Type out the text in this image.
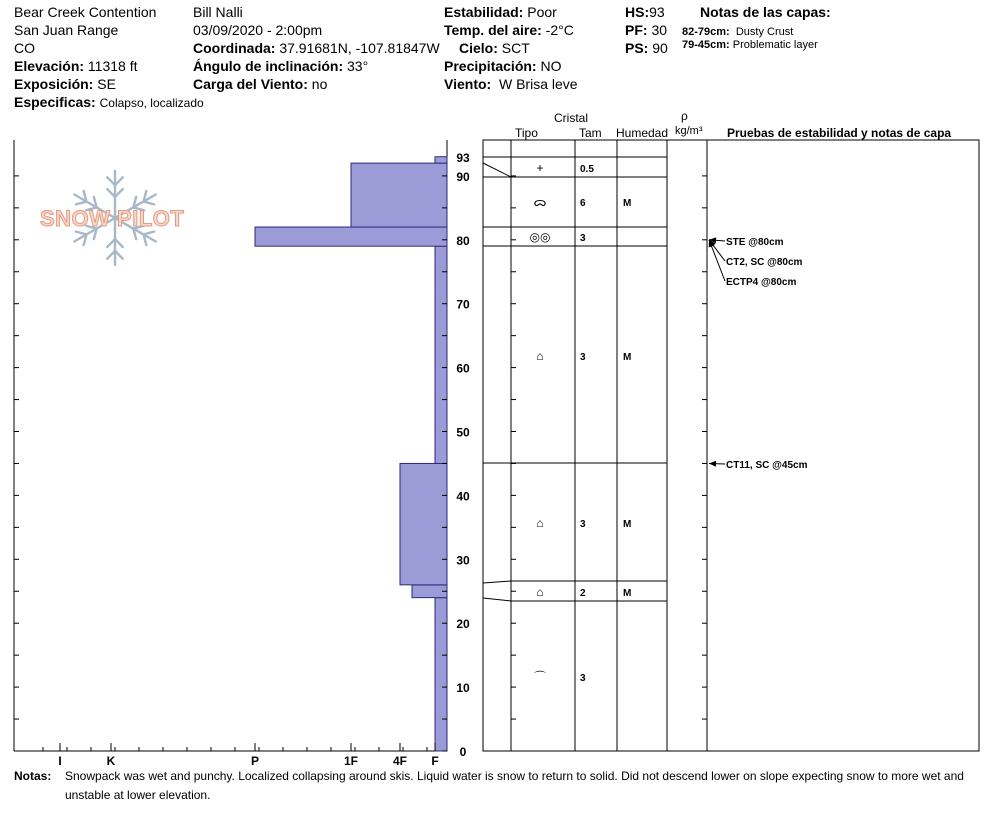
Bear Creek Contention
San Juan Range
CO
Elevación: 11318 ft
Exposición: SE
Especificas: Colapso, localizado
Bill Nalli
03/09/2020 - 2:00pm
Coordinada: 37.91681N, -107.81847W
Ángulo de inclinación: 33°
Carga del Viento: no
Estabilidad: Poor
Temp. del aire: -2°C
Cielo: SCT
Precipitación: NO
Viento: W Brisa leve
HS:93
PF: 30
PS: 90
Notas de las capas:
82-79cm: Dusty Crust
79-45cm: Problematic layer
Cristal
Tipo	Tam Humedad
ρ
kg/m³ Pruebas de estabilidad y notas de capa
SNOW PILOT
I	K	P	1F	4F F
0
10
20
30
40
50
60
70
80
90
93
+	0.5
ᯅ	6	M
◎◎	3
⌂	3	M
⌂	3	M
⌂	2	M
⌒	3
STE @80cm
CT2, SC @80cm
ECTP4 @80cm
CT11, SC @45cm
Notas: Snowpack was wet and punchy. Localized collapsing around skis. Liquid water is snow to return to solid. Did not descend lower on slope expecting snow to more wet and
unstable at lower elevation.
